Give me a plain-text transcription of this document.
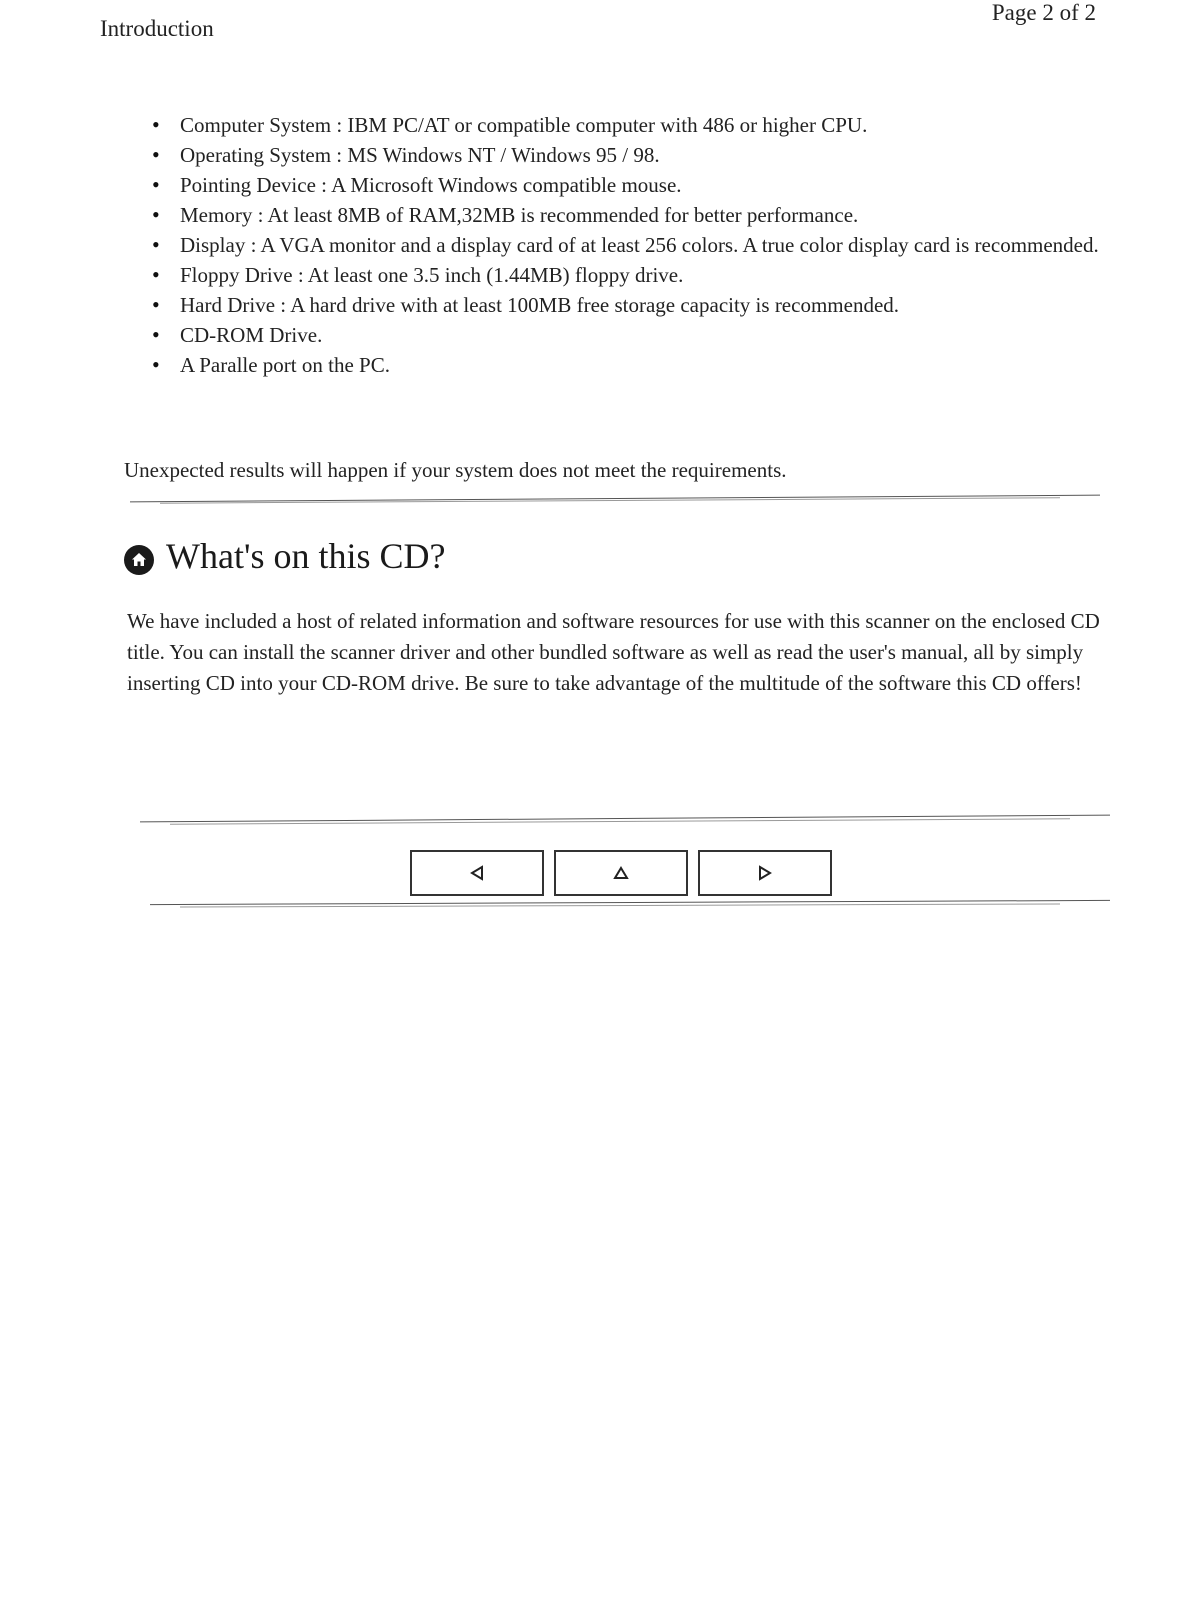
Introduction
Page 2 of 2
• Computer System : IBM PC/AT or compatible computer with 486 or higher CPU.
• Operating System : MS Windows NT / Windows 95 / 98.
• Pointing Device : A Microsoft Windows compatible mouse.
• Memory : At least 8MB of RAM,32MB is recommended for better performance.
• Display : A VGA monitor and a display card of at least 256 colors. A true color display card is recommended.
• Floppy Drive : At least one 3.5 inch (1.44MB) floppy drive.
• Hard Drive : A hard drive with at least 100MB free storage capacity is recommended.
• CD-ROM Drive.
• A Paralle port on the PC.

Unexpected results will happen if your system does not meet the requirements.

What's on this CD?

We have included a host of related information and software resources for use with this scanner on the enclosed CD title. You can install the scanner driver and other bundled software as well as read the user's manual, all by simply inserting CD into your CD-ROM drive. Be sure to take advantage of the multitude of the software this CD offers!
